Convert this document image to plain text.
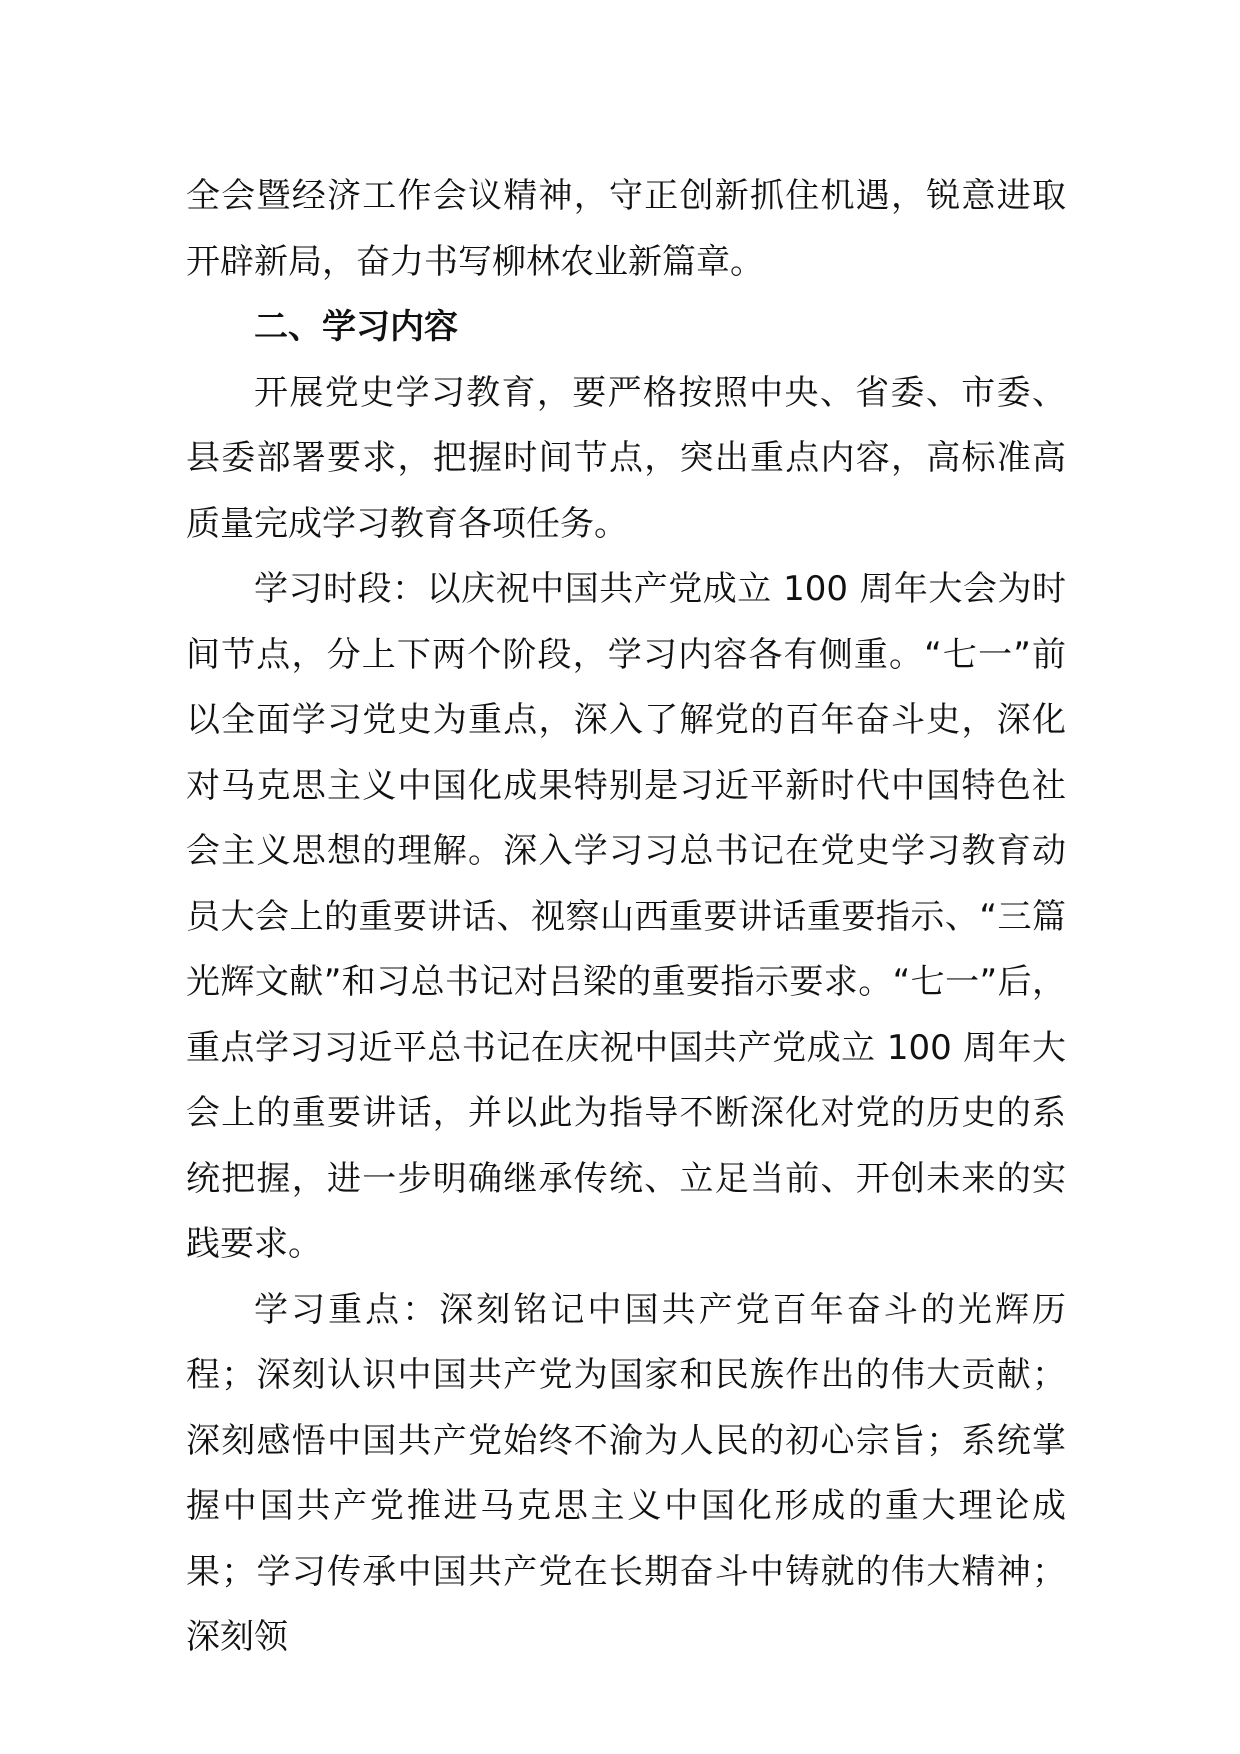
全会暨经济工作会议精神，守正创新抓住机遇，锐意进取开辟新局，奋力书写柳林农业新篇章。

二、学习内容

开展党史学习教育，要严格按照中央、省委、市委、县委部署要求，把握时间节点，突出重点内容，高标准高质量完成学习教育各项任务。

学习时段：以庆祝中国共产党成立 100 周年大会为时间节点，分上下两个阶段，学习内容各有侧重。“七一”前以全面学习党史为重点，深入了解党的百年奋斗史，深化对马克思主义中国化成果特别是习近平新时代中国特色社会主义思想的理解。深入学习习总书记在党史学习教育动员大会上的重要讲话、视察山西重要讲话重要指示、“三篇光辉文献”和习总书记对吕梁的重要指示要求。“七一”后，重点学习习近平总书记在庆祝中国共产党成立 100 周年大会上的重要讲话，并以此为指导不断深化对党的历史的系统把握，进一步明确继承传统、立足当前、开创未来的实践要求。

学习重点：深刻铭记中国共产党百年奋斗的光辉历程；深刻认识中国共产党为国家和民族作出的伟大贡献；深刻感悟中国共产党始终不渝为人民的初心宗旨；系统掌握中国共产党推进马克思主义中国化形成的重大理论成果；学习传承中国共产党在长期奋斗中铸就的伟大精神；深刻领
